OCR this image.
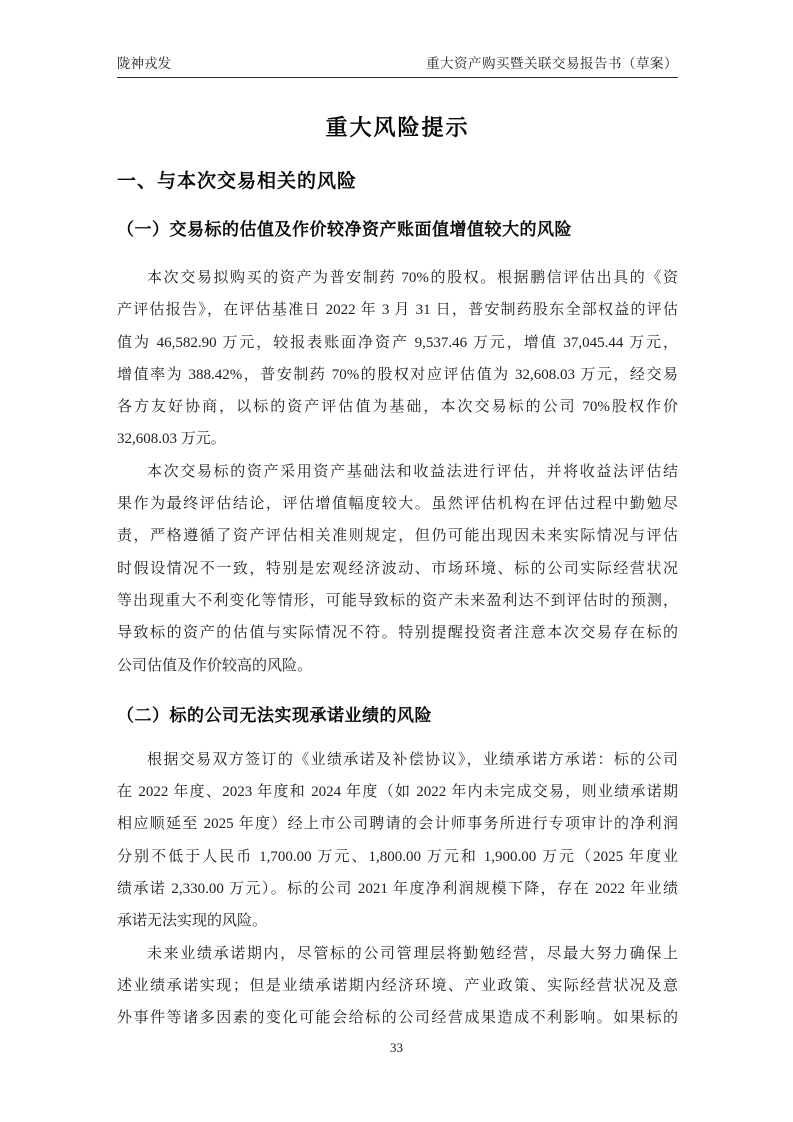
陇神戎发	重大资产购买暨关联交易报告书（草案）
重大风险提示
一、与本次交易相关的风险
（一）交易标的估值及作价较净资产账面值增值较大的风险
本次交易拟购买的资产为普安制药 70%的股权。根据鹏信评估出具的《资
产评估报告》，在评估基准日 2022 年 3 月 31 日，普安制药股东全部权益的评估
值为 46,582.90 万元，较报表账面净资产 9,537.46 万元，增值 37,045.44 万元，
增值率为 388.42%，普安制药 70%的股权对应评估值为 32,608.03 万元，经交易
各方友好协商，以标的资产评估值为基础，本次交易标的公司 70%股权作价
32,608.03 万元。
本次交易标的资产采用资产基础法和收益法进行评估，并将收益法评估结
果作为最终评估结论，评估增值幅度较大。虽然评估机构在评估过程中勤勉尽
责，严格遵循了资产评估相关准则规定，但仍可能出现因未来实际情况与评估
时假设情况不一致，特别是宏观经济波动、市场环境、标的公司实际经营状况
等出现重大不利变化等情形，可能导致标的资产未来盈利达不到评估时的预测，
导致标的资产的估值与实际情况不符。特别提醒投资者注意本次交易存在标的
公司估值及作价较高的风险。
（二）标的公司无法实现承诺业绩的风险
根据交易双方签订的《业绩承诺及补偿协议》，业绩承诺方承诺：标的公司
在 2022 年度、2023 年度和 2024 年度（如 2022 年内未完成交易，则业绩承诺期
相应顺延至 2025 年度）经上市公司聘请的会计师事务所进行专项审计的净利润
分别不低于人民币 1,700.00 万元、1,800.00 万元和 1,900.00 万元（2025 年度业
绩承诺 2,330.00 万元）。标的公司 2021 年度净利润规模下降，存在 2022 年业绩
承诺无法实现的风险。
未来业绩承诺期内，尽管标的公司管理层将勤勉经营，尽最大努力确保上
述业绩承诺实现；但是业绩承诺期内经济环境、产业政策、实际经营状况及意
外事件等诸多因素的变化可能会给标的公司经营成果造成不利影响。如果标的
33
